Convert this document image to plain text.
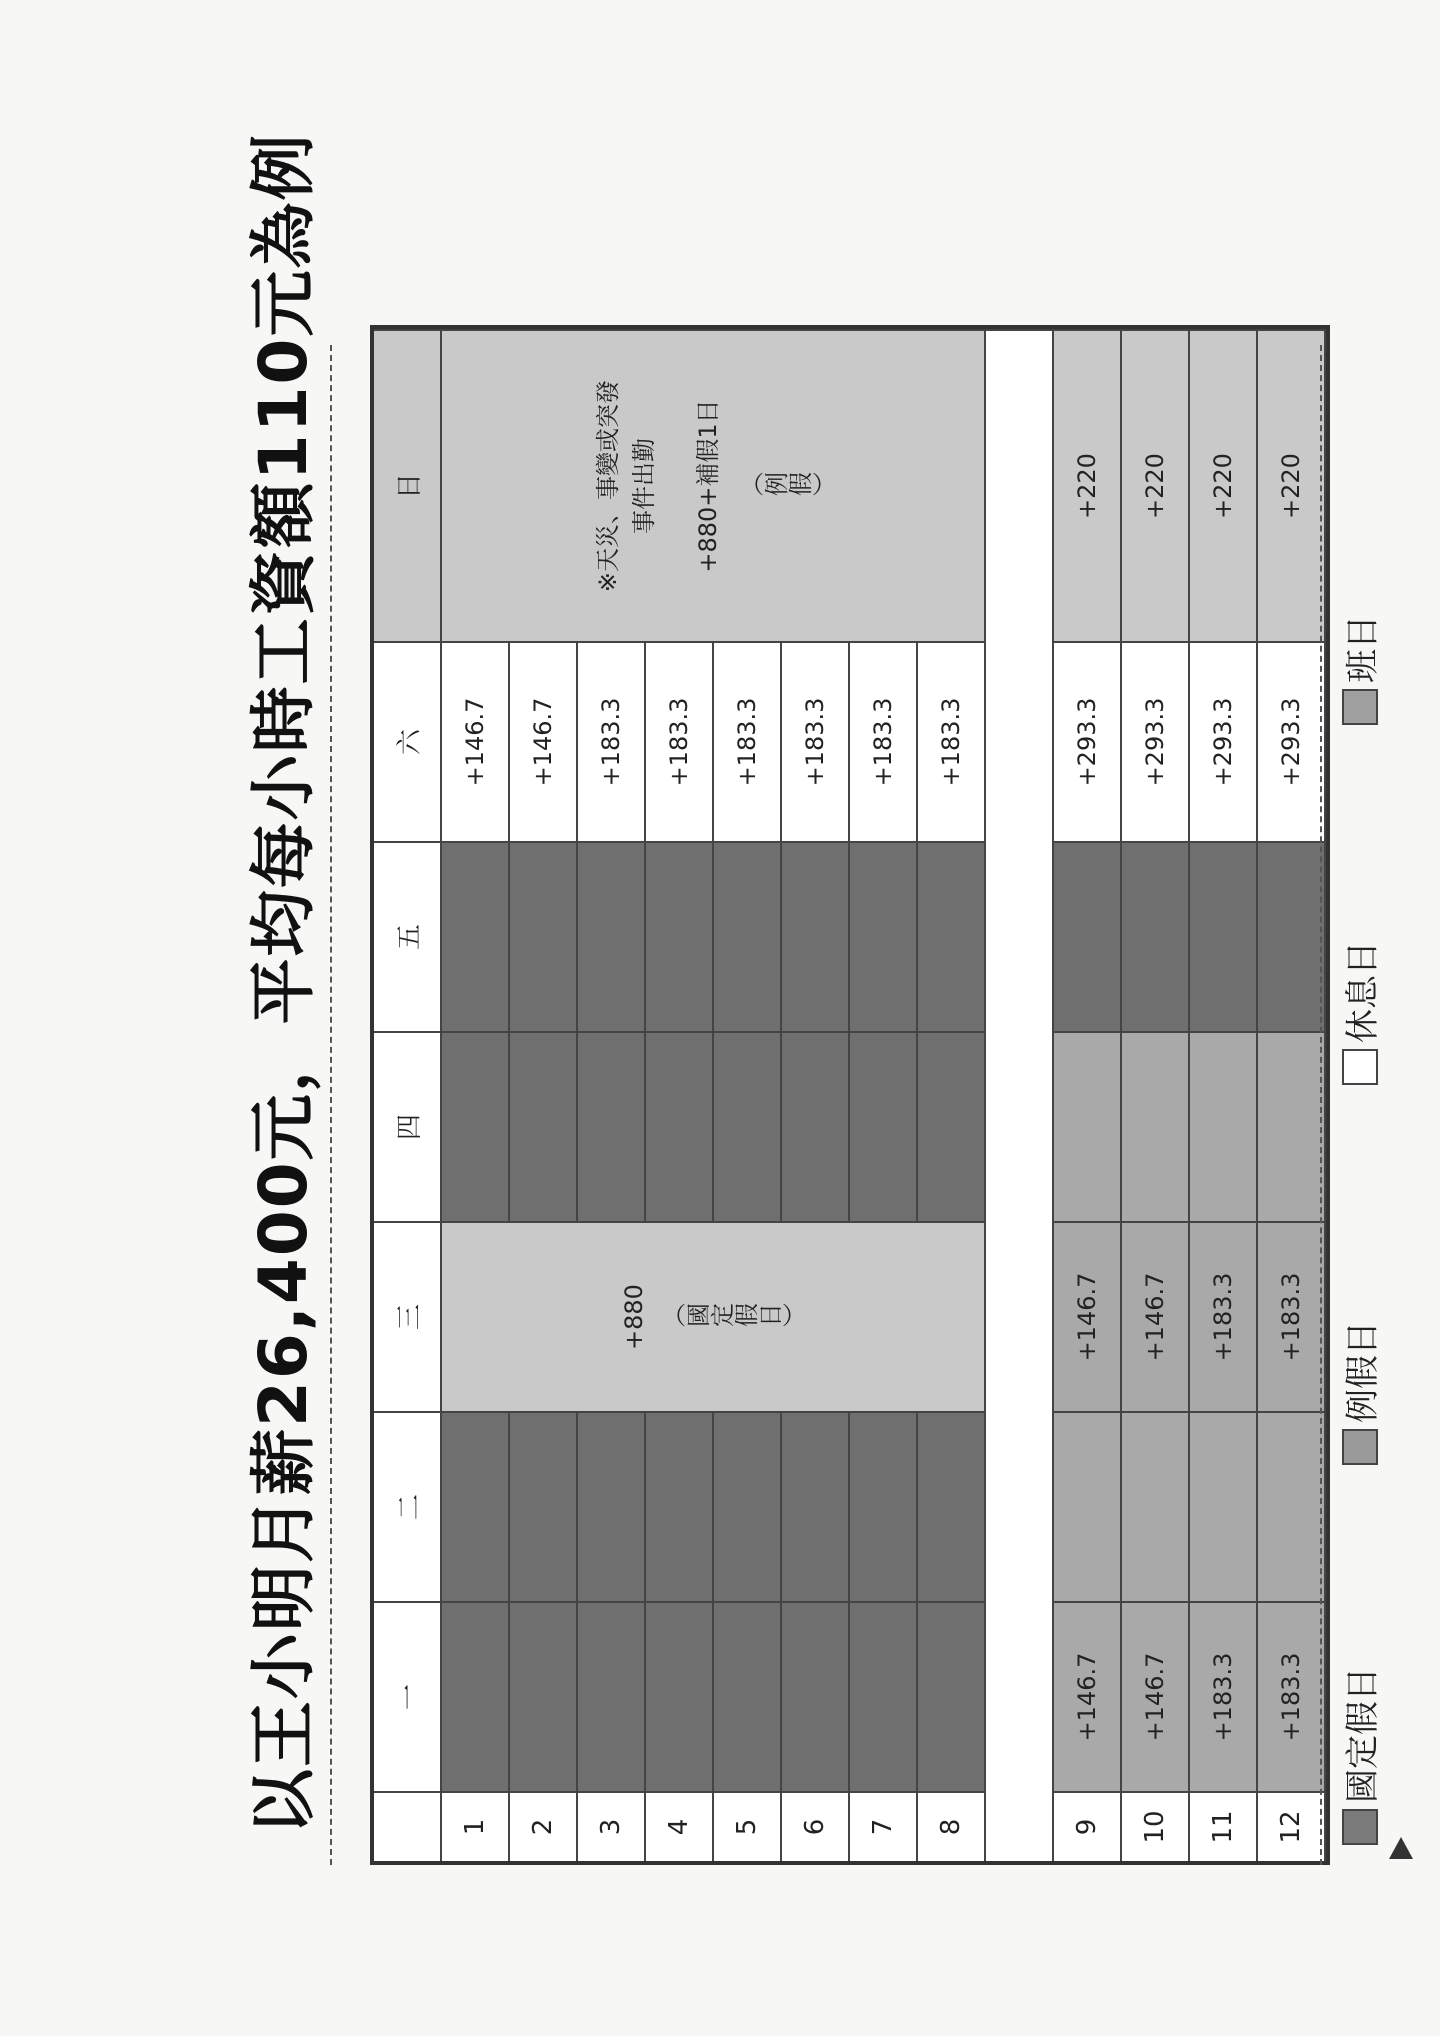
以王小明月薪26,400元，平均每小時工資額110元為例	一
二
三
四
五
六
日
1
+146.7
2
+146.7
3
+183.3
4
+183.3
5
+183.3
6
+183.3
7
+183.3
8
+183.3
9
+146.7
+146.7
+293.3
+220
10
+146.7
+146.7
+293.3
+220
11
+183.3
+183.3
+293.3
+220
12
+183.3
+183.3
+293.3
+220
+880 （國定假日）
※天災、事變或突發 事件出勤 +880+補假1日 （例假）
國定假日
例假日
休息日
班日
